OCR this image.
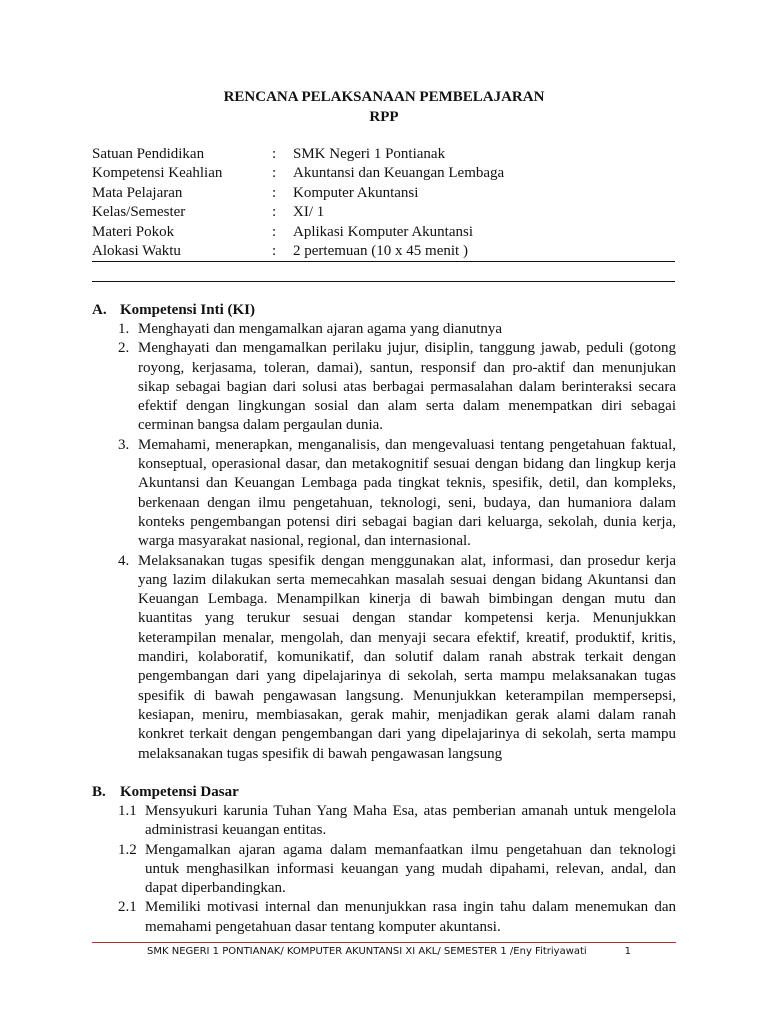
RENCANA PELAKSANAAN PEMBELAJARAN
RPP
Satuan Pendidikan	: SMK Negeri 1 Pontianak
Kompetensi Keahlian	: Akuntansi dan Keuangan Lembaga
Mata Pelajaran	: Komputer Akuntansi
Kelas/Semester	: XI/ 1
Materi Pokok	: Aplikasi Komputer Akuntansi
Alokasi Waktu	: 2 pertemuan (10 x 45 menit )
A. Kompetensi Inti (KI)
1. Menghayati dan mengamalkan ajaran agama yang dianutnya
2. Menghayati dan mengamalkan perilaku jujur, disiplin, tanggung jawab, peduli (gotong royong, kerjasama, toleran, damai), santun, responsif dan pro-aktif dan menunjukan sikap sebagai bagian dari solusi atas berbagai permasalahan dalam berinteraksi secara efektif dengan lingkungan sosial dan alam serta dalam menempatkan diri sebagai cerminan bangsa dalam pergaulan dunia.
3. Memahami, menerapkan, menganalisis, dan mengevaluasi tentang pengetahuan faktual, konseptual, operasional dasar, dan metakognitif sesuai dengan bidang dan lingkup kerja Akuntansi dan Keuangan Lembaga pada tingkat teknis, spesifik, detil, dan kompleks, berkenaan dengan ilmu pengetahuan, teknologi, seni, budaya, dan humaniora dalam konteks pengembangan potensi diri sebagai bagian dari keluarga, sekolah, dunia kerja, warga masyarakat nasional, regional, dan internasional.
4. Melaksanakan tugas spesifik dengan menggunakan alat, informasi, dan prosedur kerja yang lazim dilakukan serta memecahkan masalah sesuai dengan bidang Akuntansi dan Keuangan Lembaga. Menampilkan kinerja di bawah bimbingan dengan mutu dan kuantitas yang terukur sesuai dengan standar kompetensi kerja. Menunjukkan keterampilan menalar, mengolah, dan menyaji secara efektif, kreatif, produktif, kritis, mandiri, kolaboratif, komunikatif, dan solutif dalam ranah abstrak terkait dengan pengembangan dari yang dipelajarinya di sekolah, serta mampu melaksanakan tugas spesifik di bawah pengawasan langsung. Menunjukkan keterampilan mempersepsi, kesiapan, meniru, membiasakan, gerak mahir, menjadikan gerak alami dalam ranah konkret terkait dengan pengembangan dari yang dipelajarinya di sekolah, serta mampu melaksanakan tugas spesifik di bawah pengawasan langsung
B. Kompetensi Dasar
1.1 Mensyukuri karunia Tuhan Yang Maha Esa, atas pemberian amanah untuk mengelola administrasi keuangan entitas.
1.2 Mengamalkan ajaran agama dalam memanfaatkan ilmu pengetahuan dan teknologi untuk menghasilkan informasi keuangan yang mudah dipahami, relevan, andal, dan dapat diperbandingkan.
2.1 Memiliki motivasi internal dan menunjukkan rasa ingin tahu dalam menemukan dan memahami pengetahuan dasar tentang komputer akuntansi.
SMK NEGERI 1 PONTIANAK/ KOMPUTER AKUNTANSI XI AKL/ SEMESTER 1 /Eny Fitriyawati	1
